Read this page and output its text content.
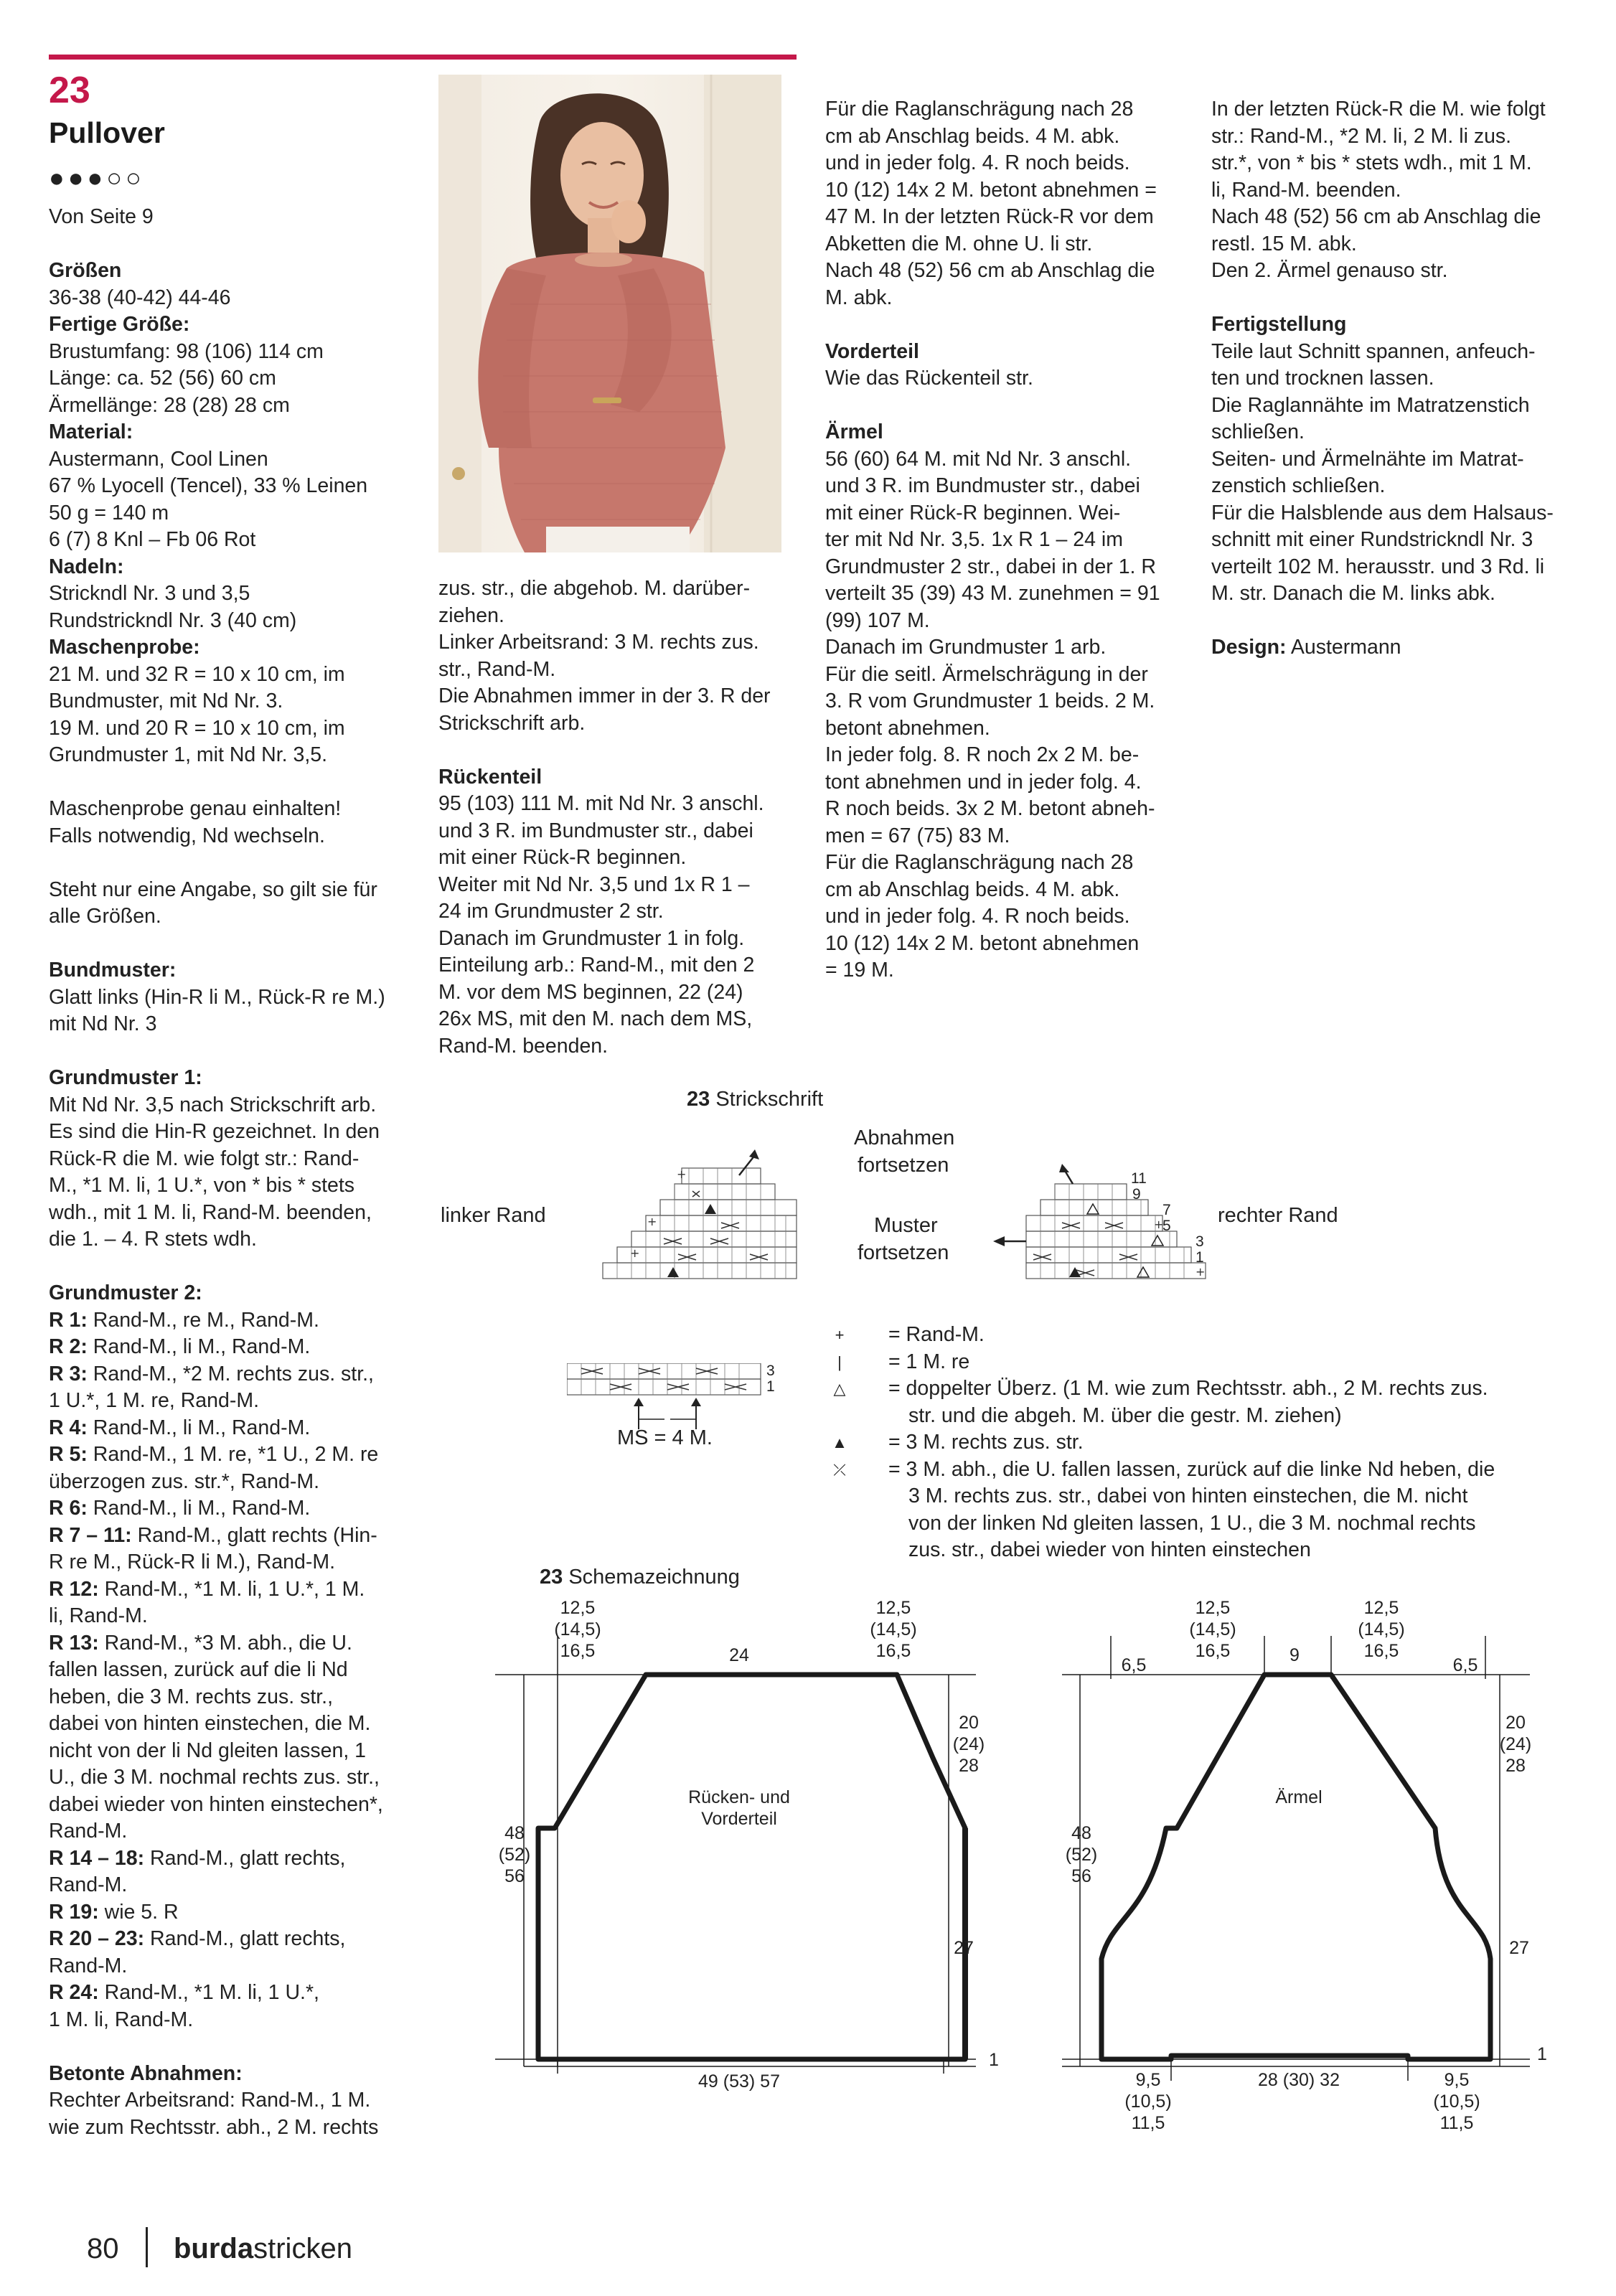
23
Pullover
●●●○○

Von Seite 9

Größen

36-38 (40-42) 44-46

Fertige Größe:

Brustumfang: 98 (106) 114 cm

Länge: ca. 52 (56) 60 cm

Ärmellänge: 28 (28) 28 cm

Material:

Austermann, Cool Linen

67 % Lyocell (Tencel), 33 % Leinen

50 g = 140 m

6 (7) 8 Knl – Fb 06 Rot

Nadeln:

Strickndl Nr. 3 und 3,5

Rundstrickndl Nr. 3 (40 cm)

Maschenprobe:

21 M. und 32 R = 10 x 10 cm, im

Bundmuster, mit Nd Nr. 3.

19 M. und 20 R = 10 x 10 cm, im

Grundmuster 1, mit Nd Nr. 3,5.

Maschenprobe genau einhalten!

Falls notwendig, Nd wechseln.

Steht nur eine Angabe, so gilt sie für

alle Größen.

Bundmuster:

Glatt links (Hin-R li M., Rück-R re M.)

mit Nd Nr. 3

Grundmuster 1:

Mit Nd Nr. 3,5 nach Strickschrift arb.

Es sind die Hin-R gezeichnet. In den

Rück-R die M. wie folgt str.: Rand-

M., *1 M. li, 1 U.*, von * bis * stets

wdh., mit 1 M. li, Rand-M. beenden,

die 1. – 4. R stets wdh.

Grundmuster 2:

R 1: Rand-M., re M., Rand-M.

R 2: Rand-M., li M., Rand-M.

R 3: Rand-M., *2 M. rechts zus. str.,

1 U.*, 1 M. re, Rand-M.

R 4: Rand-M., li M., Rand-M.

R 5: Rand-M., 1 M. re, *1 U., 2 M. re

überzogen zus. str.*, Rand-M.

R 6: Rand-M., li M., Rand-M.

R 7 – 11: Rand-M., glatt rechts (Hin-

R re M., Rück-R li M.), Rand-M.

R 12: Rand-M., *1 M. li, 1 U.*, 1 M.

li, Rand-M.

R 13: Rand-M., *3 M. abh., die U.

fallen lassen, zurück auf die li Nd

heben, die 3 M. rechts zus. str.,

dabei von hinten einstechen, die M.

nicht von der li Nd gleiten lassen, 1

U., die 3 M. nochmal rechts zus. str.,

dabei wieder von hinten einstechen*,

Rand-M.

R 14 – 18: Rand-M., glatt rechts,

Rand-M.

R 19: wie 5. R

R 20 – 23: Rand-M., glatt rechts,

Rand-M.

R 24: Rand-M., *1 M. li, 1 U.*,

1 M. li, Rand-M.

Betonte Abnahmen:

Rechter Arbeitsrand: Rand-M., 1 M.

wie zum Rechtsstr. abh., 2 M. rechts

zus. str., die abgehob. M. darüber-

ziehen.

Linker Arbeitsrand: 3 M. rechts zus.

str., Rand-M.

Die Abnahmen immer in der 3. R der

Strickschrift arb.

Rückenteil

95 (103) 111 M. mit Nd Nr. 3 anschl.

und 3 R. im Bundmuster str., dabei

mit einer Rück-R beginnen.

Weiter mit Nd Nr. 3,5 und 1x R 1 –

24 im Grundmuster 2 str.

Danach im Grundmuster 1 in folg.

Einteilung arb.: Rand-M., mit den 2

M. vor dem MS beginnen, 22 (24)

26x MS, mit den M. nach dem MS,

Rand-M. beenden.

Für die Raglanschrägung nach 28

cm ab Anschlag beids. 4 M. abk.

und in jeder folg. 4. R noch beids.

10 (12) 14x 2 M. betont abnehmen =

47 M. In der letzten Rück-R vor dem

Abketten die M. ohne U. li str.

Nach 48 (52) 56 cm ab Anschlag die

M. abk.

Vorderteil

Wie das Rückenteil str.

Ärmel

56 (60) 64 M. mit Nd Nr. 3 anschl.

und 3 R. im Bundmuster str., dabei

mit einer Rück-R beginnen. Wei-

ter mit Nd Nr. 3,5. 1x R 1 – 24 im

Grundmuster 2 str., dabei in der 1. R

verteilt 35 (39) 43 M. zunehmen = 91

(99) 107 M.

Danach im Grundmuster 1 arb.

Für die seitl. Ärmelschrägung in der

3. R vom Grundmuster 1 beids. 2 M.

betont abnehmen.

In jeder folg. 8. R noch 2x 2 M. be-

tont abnehmen und in jeder folg. 4.

R noch beids. 3x 2 M. betont abneh-

men = 67 (75) 83 M.

Für die Raglanschrägung nach 28

cm ab Anschlag beids. 4 M. abk.

und in jeder folg. 4. R noch beids.

10 (12) 14x 2 M. betont abnehmen

= 19 M.

In der letzten Rück-R die M. wie folgt

str.: Rand-M., *2 M. li, 2 M. li zus.

str.*, von * bis * stets wdh., mit 1 M.

li, Rand-M. beenden.

Nach 48 (52) 56 cm ab Anschlag die

restl. 15 M. abk.

Den 2. Ärmel genauso str.

Fertigstellung

Teile laut Schnitt spannen, anfeuch-

ten und trocknen lassen.

Die Raglannähte im Matratzenstich

schließen.

Seiten- und Ärmelnähte im Matrat-

zenstich schließen.

Für die Halsblende aus dem Halsaus-

schnitt mit einer Rundstrickndl Nr. 3

verteilt 102 M. herausstr. und 3 Rd. li

M. str. Danach die M. links abk.

Design: Austermann

23 Strickschrift
Abnahmen
fortsetzen
Muster
fortsetzen
linker Rand	rechter Rand
+
+
+
+
+
11
9
7
5
3
1
3
1
MS = 4 M.
+	= Rand-M.
|	= 1 M. re
△	= doppelter Überz. (1 M. wie zum Rechtsstr. abh., 2 M. rechts zus.
str. und die abgeh. M. über die gestr. M. ziehen)
▲	= 3 M. rechts zus. str.
⤫	= 3 M. abh., die U. fallen lassen, zurück auf die linke Nd heben, die
3 M. rechts zus. str., dabei von hinten einstechen, die M. nicht
von der linken Nd gleiten lassen, 1 U., die 3 M. nochmal rechts
zus. str., dabei wieder von hinten einstechen
23 Schemazeichnung
12,5
(14,5)
16,5	24
12,5
(14,5)
16,5
20
(24)
28
48
(52)
56
27
49 (53) 57
1
Rücken- und
Vorderteil
6,5
12,5
(14,5)
16,5	9
12,5
(14,5)
16,5
6,5
20
(24)
28
48
(52)
56
27
1
Ärmel
9,5
(10,5)
11,5
28 (30) 32	9,5
(10,5)
11,5
80 burdastricken
